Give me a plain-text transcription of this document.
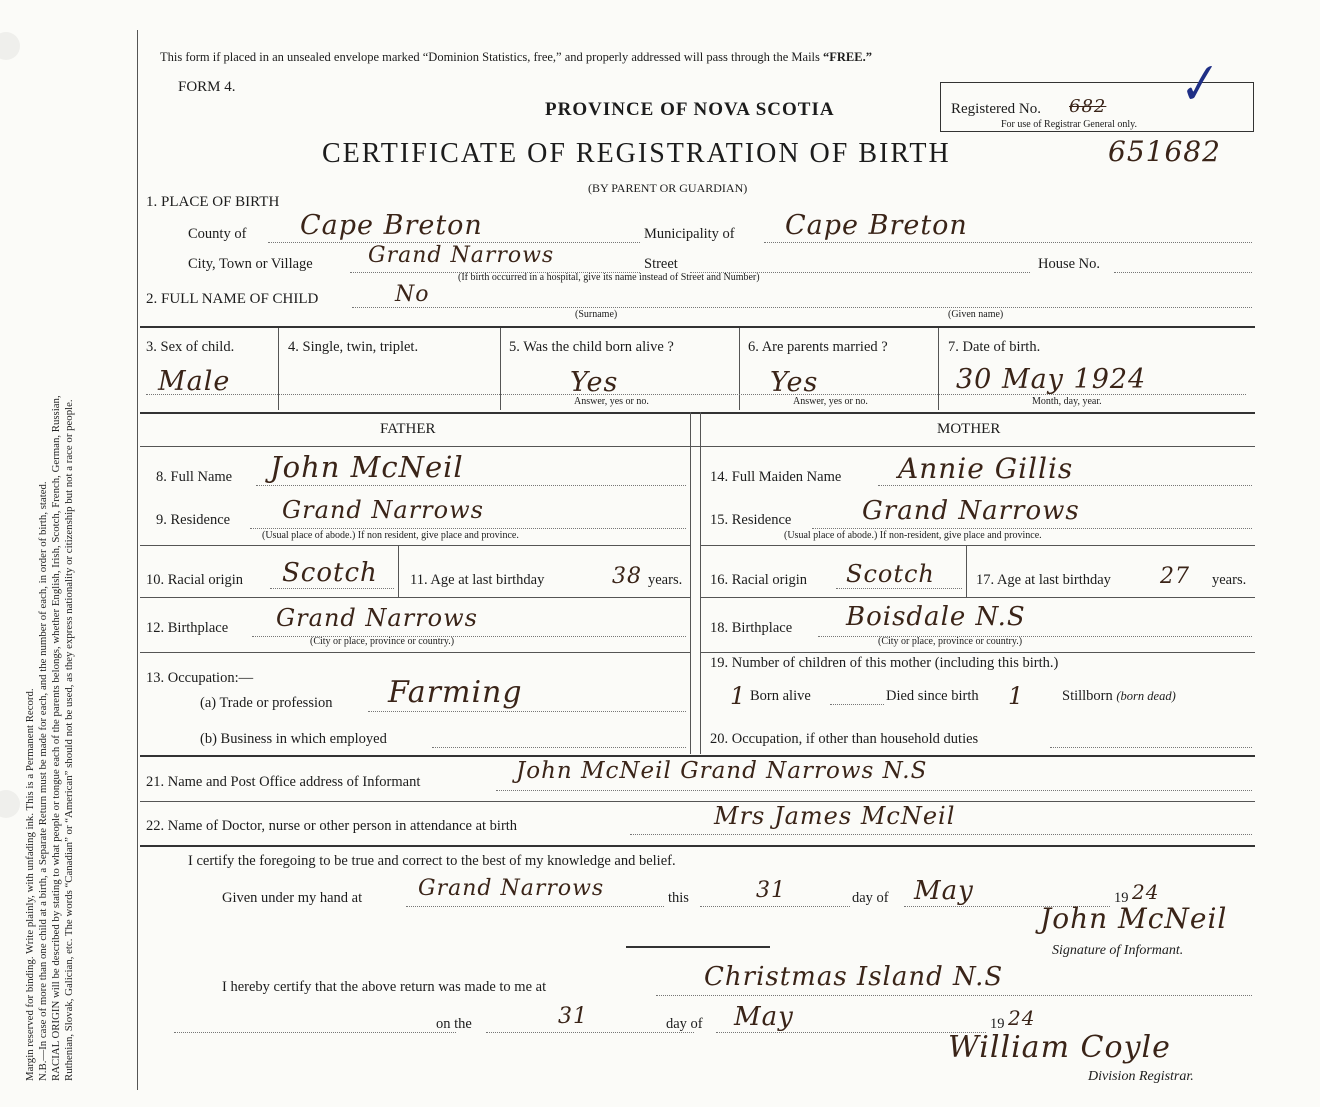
Margin reserved for binding. Write plainly, with unfading ink. This is a Permanent Record. N.B.—In case of more than one child at a birth, a Separate Return must be made for each, and the number of each, in order of birth, stated. RACIAL ORIGIN will be described by stating to what people or tongue each of the parents belongs, whether English, Irish, Scotch, French, German, Russian, Ruthenian, Slovak, Galician, etc. The words “Canadian” or “American” should not be used, as they express nationality or citizenship but not a race or people.
This form if placed in an unsealed envelope marked “Dominion Statistics, free,” and properly addressed will pass through the Mails “FREE.”
FORM 4.
PROVINCE OF NOVA SCOTIA
CERTIFICATE OF REGISTRATION OF BIRTH
(BY PARENT OR GUARDIAN)
Registered No. 682
For use of Registrar General only.
✓
651682
1. PLACE OF BIRTH
County of Cape Breton	Municipality of Cape Breton
City, Town or Village	Grand Narrows	Street	House No.
(If birth occurred in a hospital, give its name instead of Street and Number)
2. FULL NAME OF CHILD	No
(Surname)	(Given name)
3. Sex of child.
Male
4. Single, twin, triplet.	5. Was the child born alive ?
Yes
Answer, yes or no.
6. Are parents married ?
Yes
Answer, yes or no.
7. Date of birth.
30 May 1924
Month, day, year.
FATHER	MOTHER
8. Full Name John McNeil
9. Residence Grand Narrows
(Usual place of abode.) If non resident, give place and province.
10. Racial origin Scotch 11. Age at last birthday	38 years.
12. Birthplace Grand Narrows
(City or place, province or country.)
13. Occupation:—
(a) Trade or profession Farming
(b) Business in which employed
14. Full Maiden Name Annie Gillis
15. Residence	Grand Narrows
(Usual place of abode.) If non-resident, give place and province.
16. Racial origin Scotch	17. Age at last birthday 27 years.
18. Birthplace Boisdale N.S
(City or place, province or country.)
19. Number of children of this mother (including this birth.)
1 Born alive	Died since birth 1	Stillborn (born dead)
20. Occupation, if other than household duties
21. Name and Post Office address of Informant	John McNeil Grand Narrows N.S
22. Name of Doctor, nurse or other person in attendance at birth	Mrs James McNeil
I certify the foregoing to be true and correct to the best of my knowledge and belief.
Given under my hand at	Grand Narrows	this	31	day of May	19 24
John McNeil
Signature of Informant.
I hereby certify that the above return was made to me at	Christmas Island N.S
on the	31	day of May	19 24
William Coyle
Division Registrar.
